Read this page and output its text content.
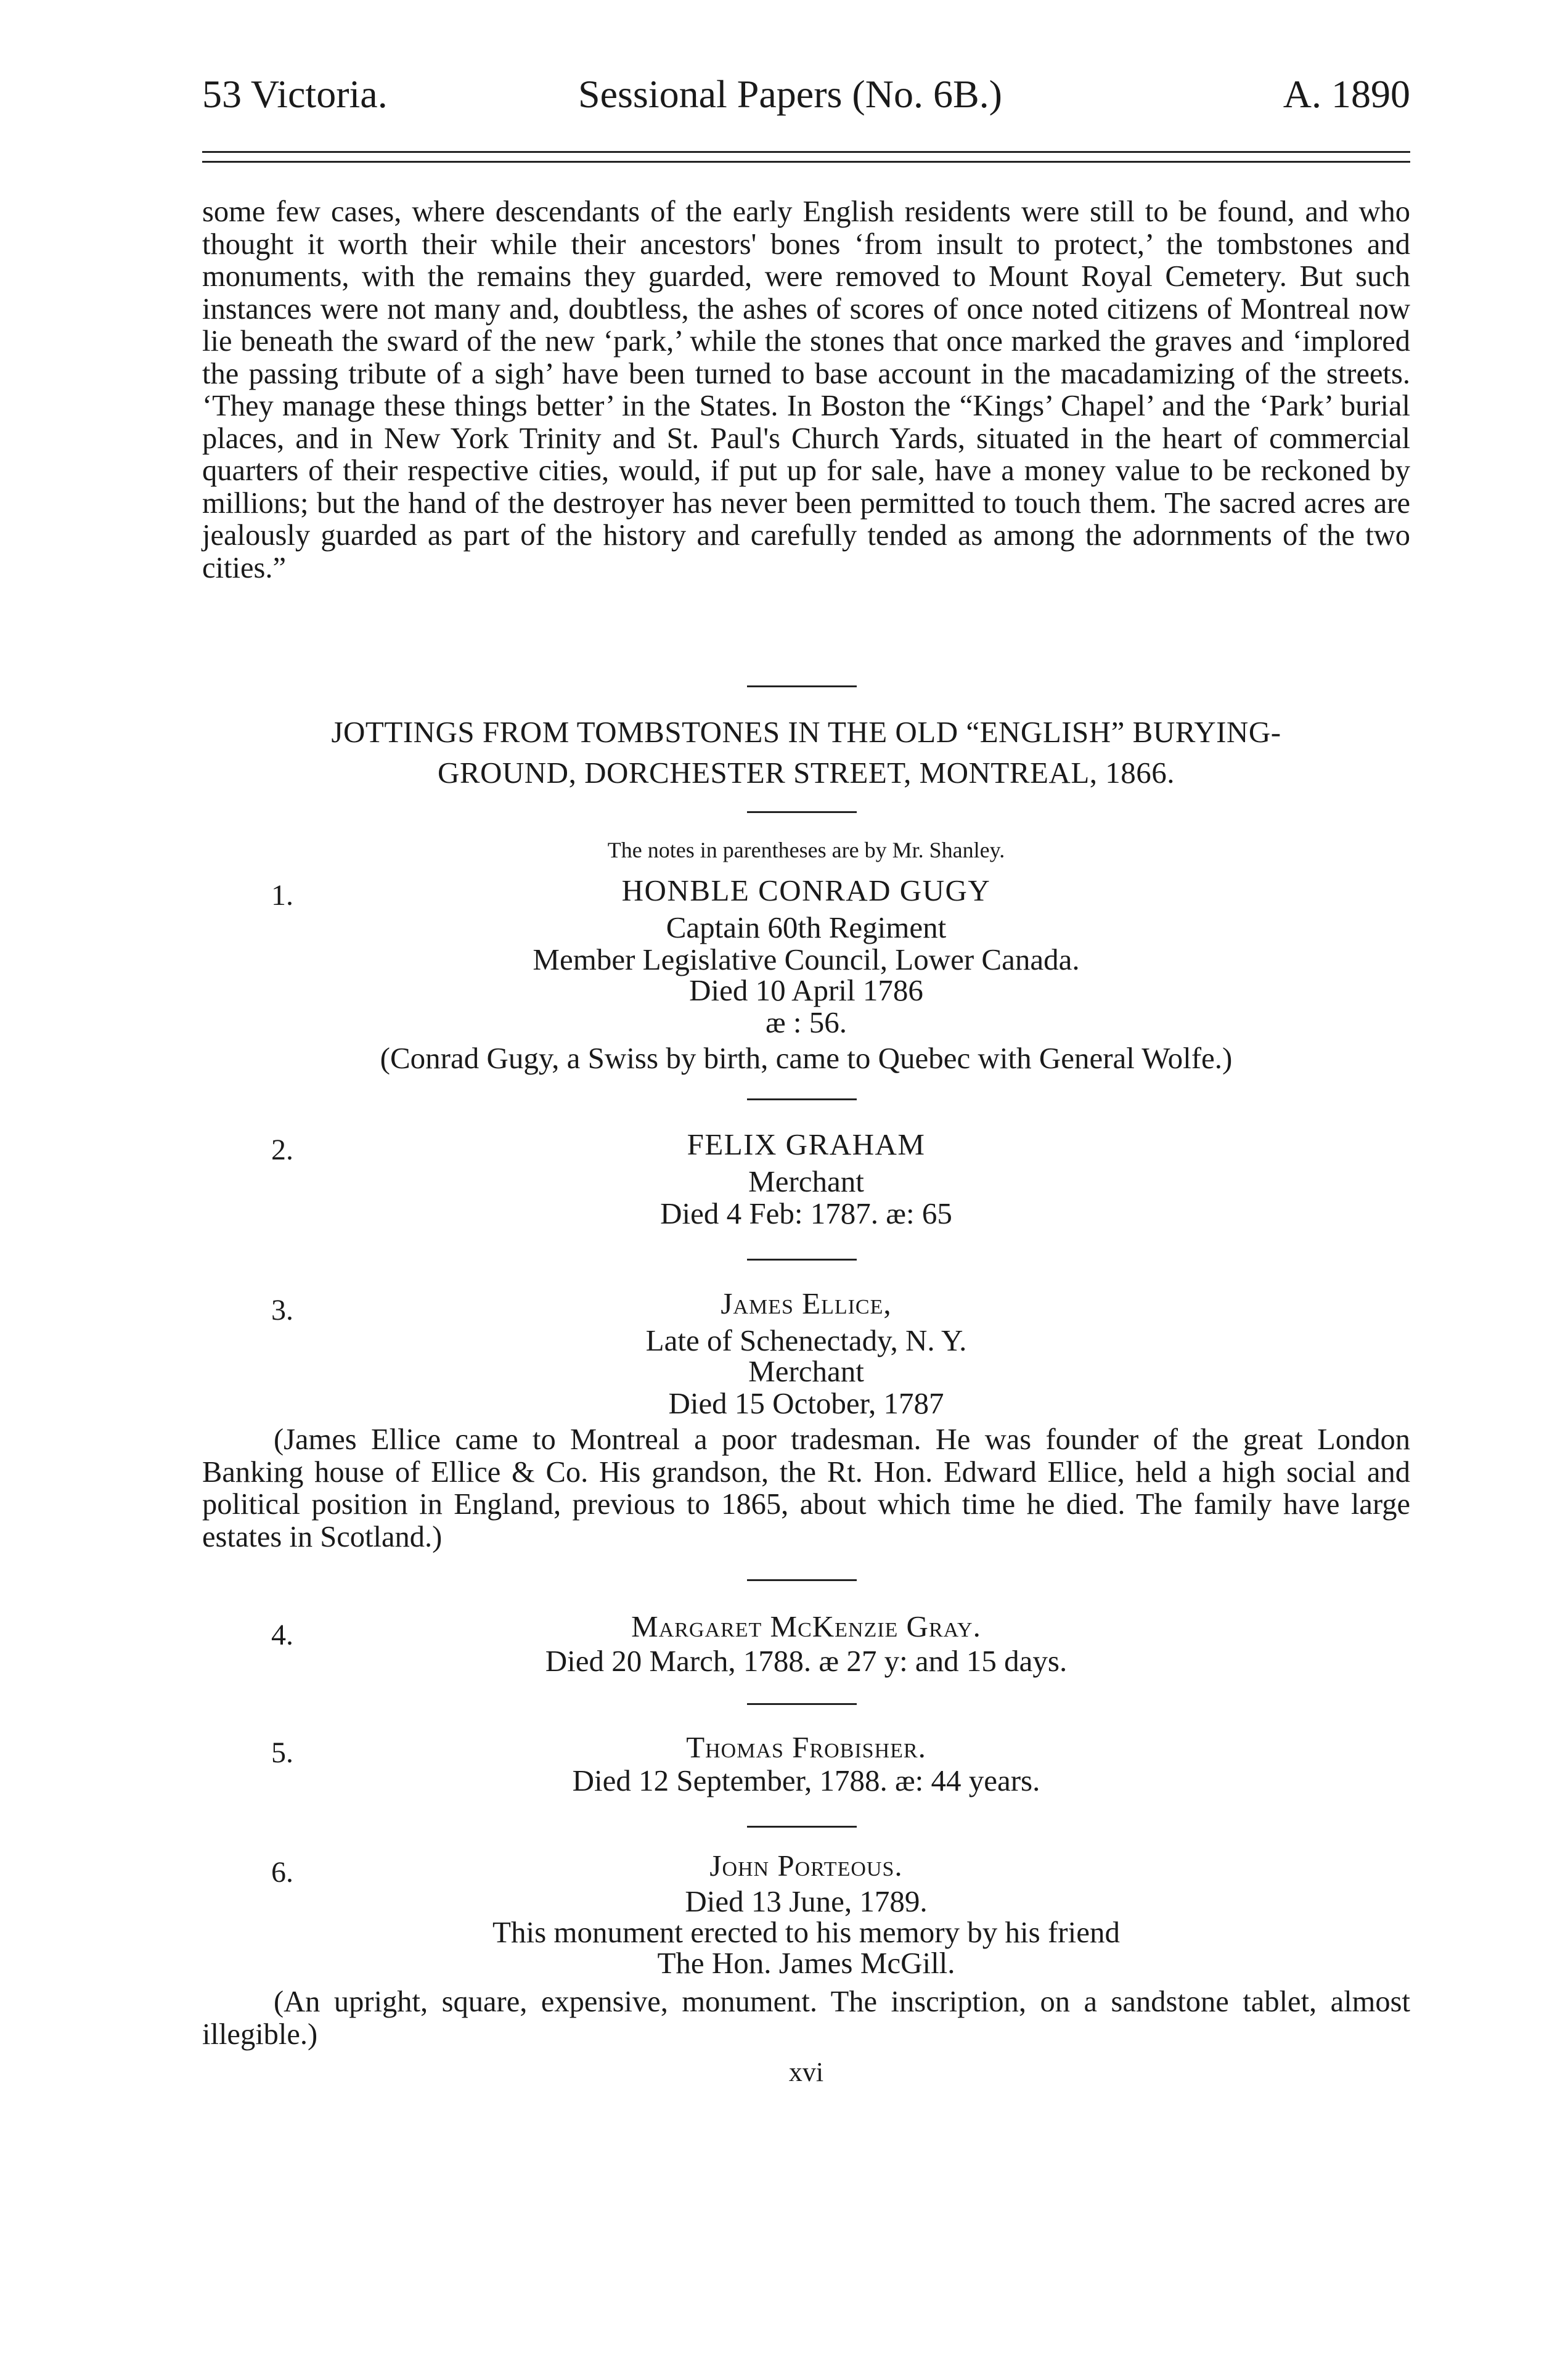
53 Victoria.	Sessional Papers (No. 6B.)	A. 1890

some few cases, where descendants of the early English residents were still to be found, and who thought it worth their while their ancestors' bones ‘from insult to protect,’ the tombstones and monuments, with the remains they guarded, were removed to Mount Royal Cemetery. But such instances were not many and, doubtless, the ashes of scores of once noted citizens of Montreal now lie beneath the sward of the new ‘park,’ while the stones that once marked the graves and ‘implored the passing tribute of a sigh’ have been turned to base account in the macadamizing of the streets. ‘They manage these things better’ in the States. In Boston the “Kings’ Chapel’ and the ‘Park’ burial places, and in New York Trinity and St. Paul's Church Yards, situated in the heart of commercial quarters of their respective cities, would, if put up for sale, have a money value to be reckoned by millions; but the hand of the destroyer has never been permitted to touch them. The sacred acres are jealously guarded as part of the history and carefully tended as among the adornments of the two cities.”

JOTTINGS FROM TOMBSTONES IN THE OLD “ENGLISH” BURYING-

GROUND, DORCHESTER STREET, MONTREAL, 1866.

The notes in parentheses are by Mr. Shanley.

1.	HONBLE CONRAD GUGY

Captain 60th Regiment

Member Legislative Council, Lower Canada.

Died 10 April 1786

æ : 56.

(Conrad Gugy, a Swiss by birth, came to Quebec with General Wolfe.)

2.	FELIX GRAHAM

Merchant

Died 4 Feb: 1787. æ: 65

3.	James Ellice,

Late of Schenectady, N. Y.

Merchant

Died 15 October, 1787

(James Ellice came to Montreal a poor tradesman. He was founder of the great London Banking house of Ellice & Co. His grandson, the Rt. Hon. Edward Ellice, held a high social and political position in England, previous to 1865, about which time he died. The family have large estates in Scotland.)

4.	Margaret McKenzie Gray.

Died 20 March, 1788. æ 27 y: and 15 days.

5.	Thomas Frobisher.

Died 12 September, 1788. æ: 44 years.

6.	John Porteous.

Died 13 June, 1789.

This monument erected to his memory by his friend

The Hon. James McGill.

(An upright, square, expensive, monument. The inscription, on a sandstone tablet, almost illegible.)

xvi
